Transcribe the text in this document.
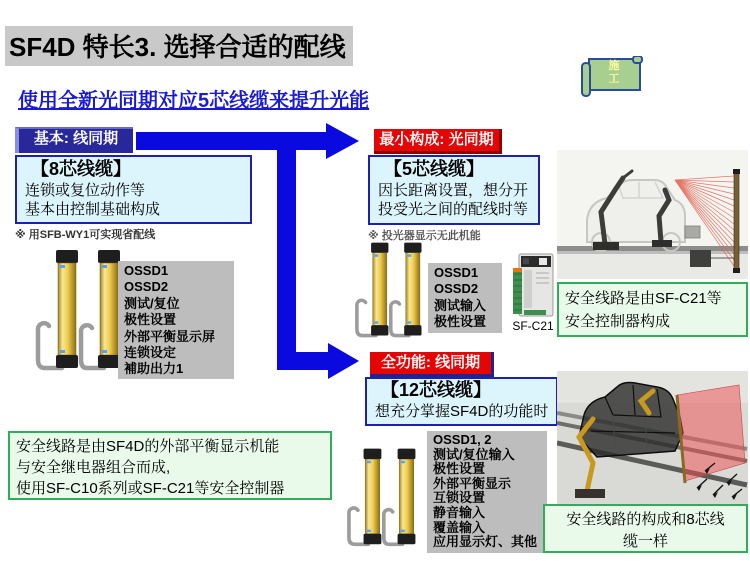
SF4D 特长3. 选择合适的配线
使用全新光同期对应5芯线缆来提升光能
施
工
基本: 线同期
【8芯线缆】
连锁或复位动作等
基本由控制基础构成
※ 用SFB-WY1可实现省配线
OSSD1
OSSD2
测试/复位
极性设置
外部平衡显示屏
连锁设定
補助出力1
最小构成: 光同期
【5芯线缆】
因长距离设置，想分开
投受光之间的配线时等
※ 投光器显示无此机能
OSSD1
OSSD2
测试输入
极性设置	SF-C21
安全线路是由SF-C21等
安全控制器构成
全功能: 线同期
【12芯线缆】
想充分掌握SF4D的功能时
OSSD1, 2
测试/复位输入
极性设置
外部平衡显示
互锁设置
静音输入
覆盖输入
应用显示灯、其他
安全线路是由SF4D的外部平衡显示机能
与安全继电器组合而成,
使用SF-C10系列或SF-C21等安全控制器
安全线路的构成和8芯线
缆一样
